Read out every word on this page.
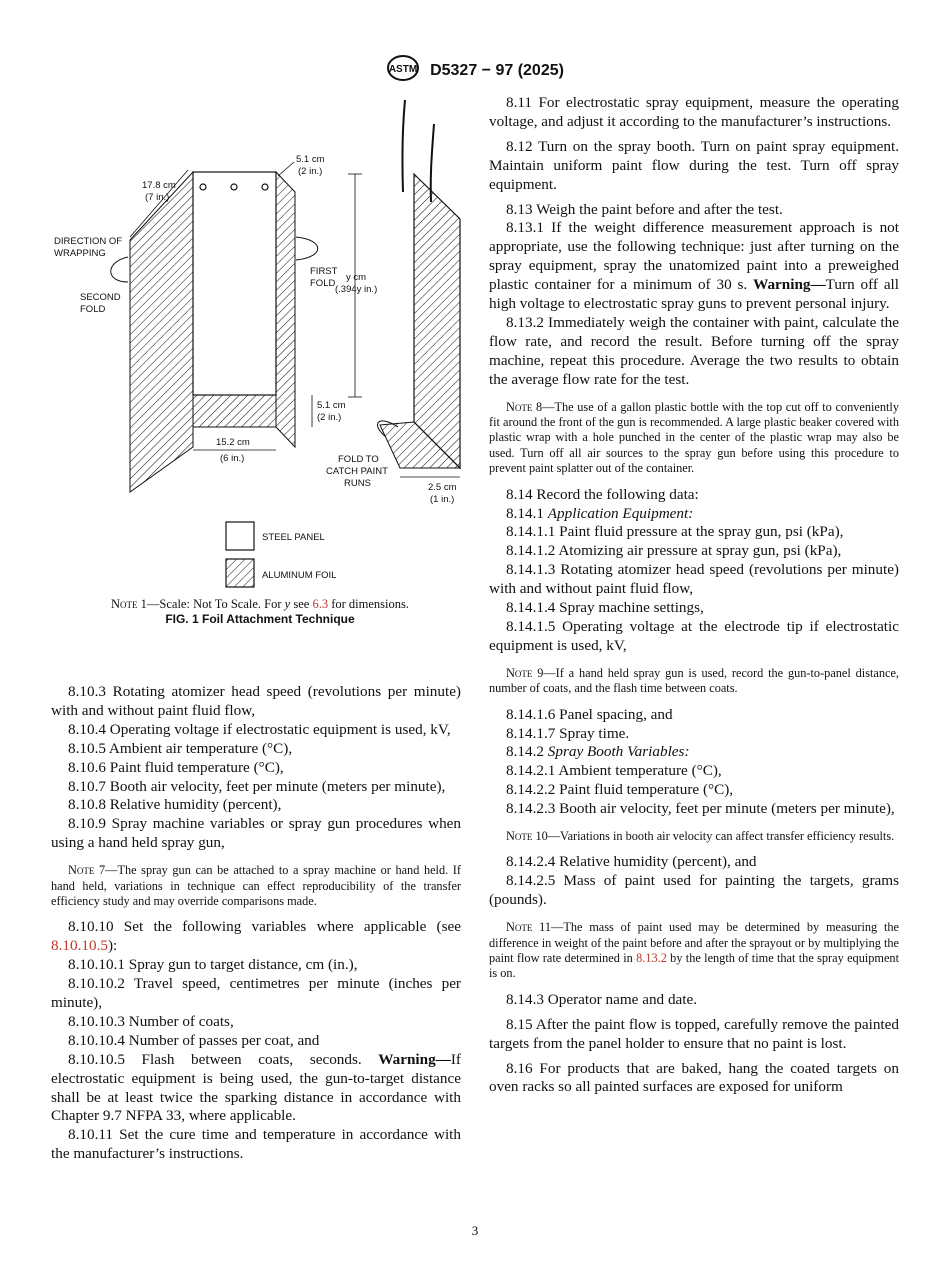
ASTM D5327 − 97 (2025)
17.8 cm
(7 in.)
5.1 cm
(2 in.)
DIRECTION OF
WRAPPING
SECOND
FOLD
FIRST
FOLD
y cm
(.394y in.)
5.1 cm
(2 in.)
15.2 cm
(6 in.)	FOLD TO
CATCH PAINT
RUNS	2.5 cm
(1 in.)
STEEL PANEL
ALUMINUM FOIL
Note 1—Scale: Not To Scale. For y see 6.3 for dimensions.
FIG. 1 Foil Attachment Technique

8.10.3 Rotating atomizer head speed (revolutions per minute) with and without paint fluid flow,

8.10.4 Operating voltage if electrostatic equipment is used, kV,

8.10.5 Ambient air temperature (°C),

8.10.6 Paint fluid temperature (°C),

8.10.7 Booth air velocity, feet per minute (meters per minute),

8.10.8 Relative humidity (percent),

8.10.9 Spray machine variables or spray gun procedures when using a hand held spray gun,

Note 7—The spray gun can be attached to a spray machine or hand held. If hand held, variations in technique can effect reproducibility of the transfer efficiency study and may override comparisons made.

8.10.10 Set the following variables where applicable (see 8.10.10.5):

8.10.10.1 Spray gun to target distance, cm (in.),

8.10.10.2 Travel speed, centimetres per minute (inches per minute),

8.10.10.3 Number of coats,

8.10.10.4 Number of passes per coat, and

8.10.10.5 Flash between coats, seconds. Warning—If electrostatic equipment is being used, the gun-to-target distance shall be at least twice the sparking distance in accordance with Chapter 9.7 NFPA 33, where applicable.

8.10.11 Set the cure time and temperature in accordance with the manufacturer’s instructions.

8.11 For electrostatic spray equipment, measure the operating voltage, and adjust it according to the manufacturer’s instructions.

8.12 Turn on the spray booth. Turn on paint spray equipment. Maintain uniform paint flow during the test. Turn off spray equipment.

8.13 Weigh the paint before and after the test.

8.13.1 If the weight difference measurement approach is not appropriate, use the following technique: just after turning on the spray equipment, spray the unatomized paint into a preweighed plastic container for a minimum of 30 s. Warning—Turn off all high voltage to electrostatic spray guns to prevent personal injury.

8.13.2 Immediately weigh the container with paint, calculate the flow rate, and record the result. Before turning off the spray machine, repeat this procedure. Average the two results to obtain the average flow rate for the test.

Note 8—The use of a gallon plastic bottle with the top cut off to conveniently fit around the front of the gun is recommended. A large plastic beaker covered with plastic wrap with a hole punched in the center of the plastic wrap may also be used. Turn off all air sources to the spray gun before using this procedure to prevent paint splatter out of the container.

8.14 Record the following data:

8.14.1 Application Equipment:

8.14.1.1 Paint fluid pressure at the spray gun, psi (kPa),

8.14.1.2 Atomizing air pressure at spray gun, psi (kPa),

8.14.1.3 Rotating atomizer head speed (revolutions per minute) with and without paint fluid flow,

8.14.1.4 Spray machine settings,

8.14.1.5 Operating voltage at the electrode tip if electrostatic equipment is used, kV,

Note 9—If a hand held spray gun is used, record the gun-to-panel distance, number of coats, and the flash time between coats.

8.14.1.6 Panel spacing, and

8.14.1.7 Spray time.

8.14.2 Spray Booth Variables:

8.14.2.1 Ambient temperature (°C),

8.14.2.2 Paint fluid temperature (°C),

8.14.2.3 Booth air velocity, feet per minute (meters per minute),

Note 10—Variations in booth air velocity can affect transfer efficiency results.

8.14.2.4 Relative humidity (percent), and

8.14.2.5 Mass of paint used for painting the targets, grams (pounds).

Note 11—The mass of paint used may be determined by measuring the difference in weight of the paint before and after the sprayout or by multiplying the paint flow rate determined in 8.13.2 by the length of time that the spray equipment is on.

8.14.3 Operator name and date.

8.15 After the paint flow is topped, carefully remove the painted targets from the panel holder to ensure that no paint is lost.

8.16 For products that are baked, hang the coated targets on oven racks so all painted surfaces are exposed for uniform

3
